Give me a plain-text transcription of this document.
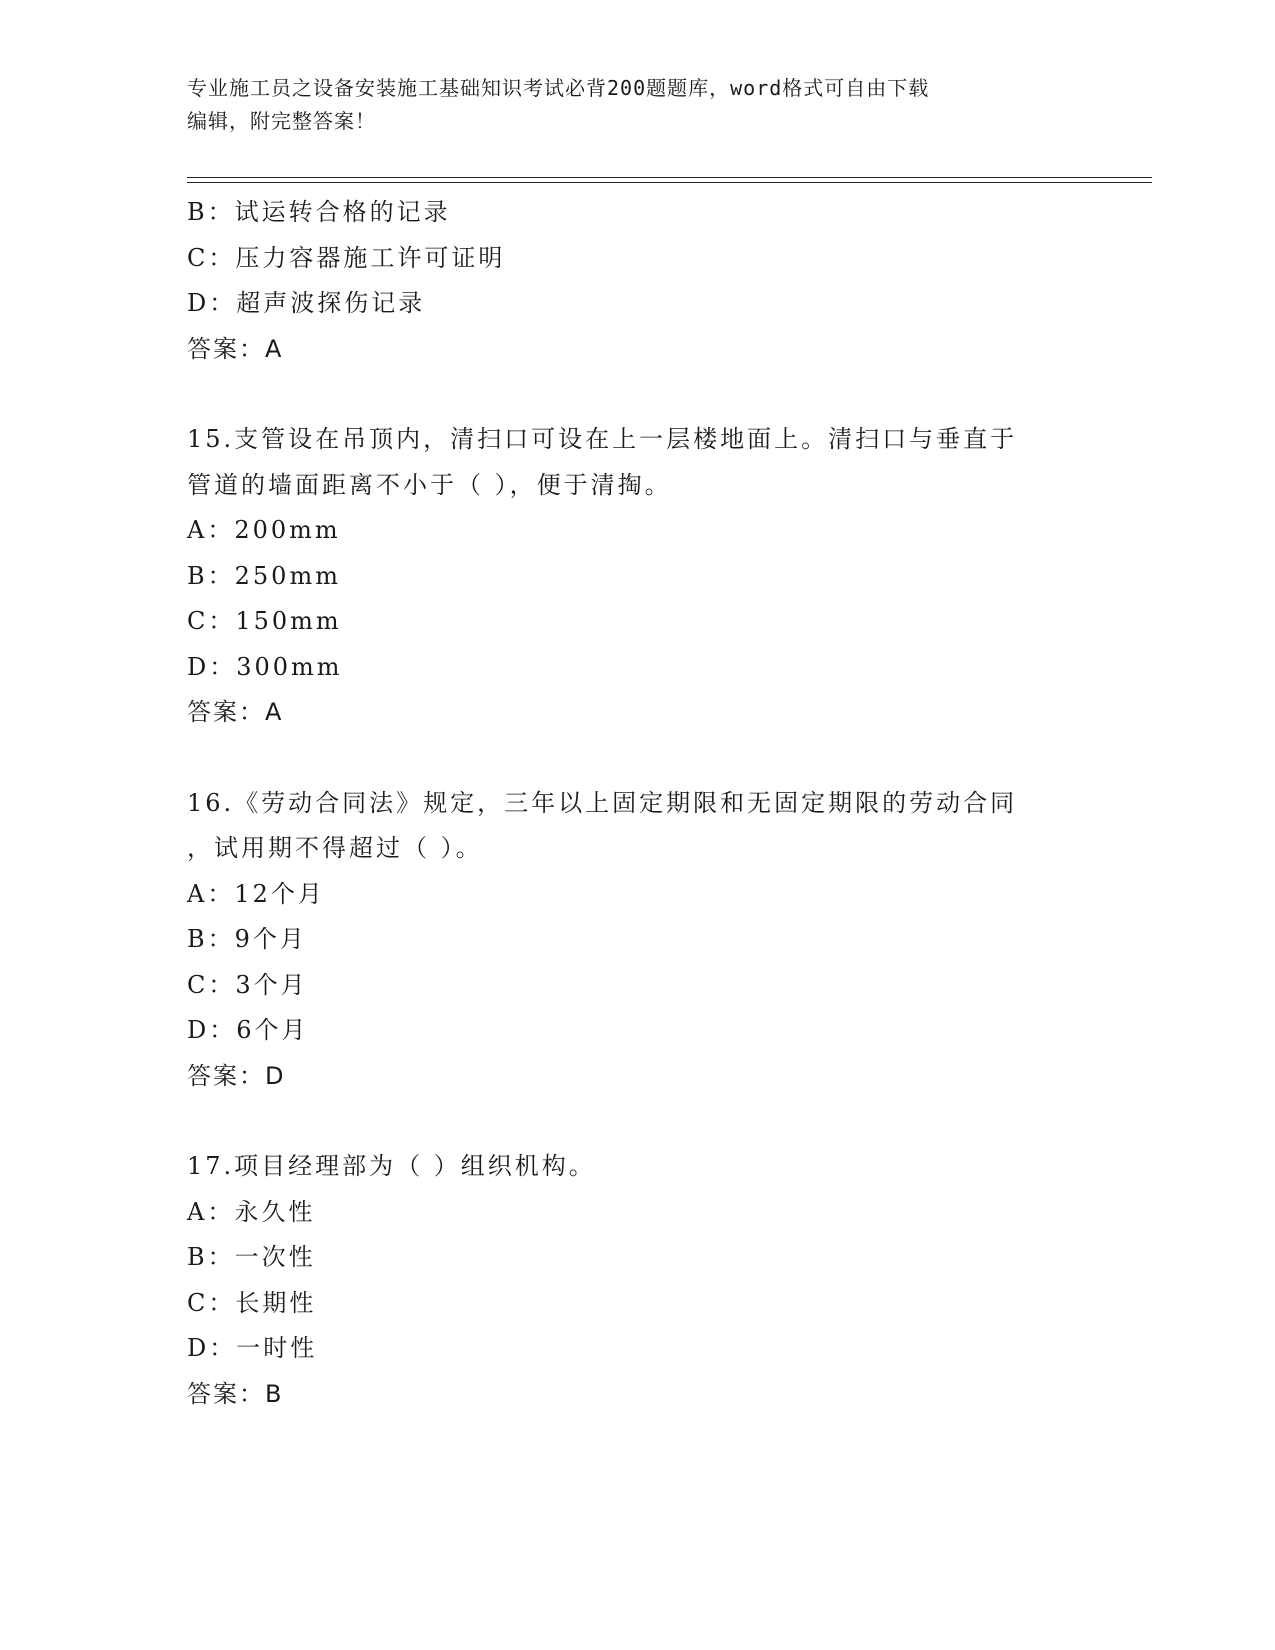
专业施工员之设备安装施工基础知识考试必背200题题库，word格式可自由下载
编辑，附完整答案！
B：试运转合格的记录
C：压力容器施工许可证明
D：超声波探伤记录
答案：A
15.支管设在吊顶内，清扫口可设在上一层楼地面上。清扫口与垂直于
管道的墙面距离不小于（ ），便于清掏。
A：200mm
B：250mm
C：150mm
D：300mm
答案：A
16.《劳动合同法》规定，三年以上固定期限和无固定期限的劳动合同
，试用期不得超过（ ）。
A：12个月
B：9个月
C：3个月
D：6个月
答案：D
17.项目经理部为（ ）组织机构。
A：永久性
B：一次性
C：长期性
D：一时性
答案：B
